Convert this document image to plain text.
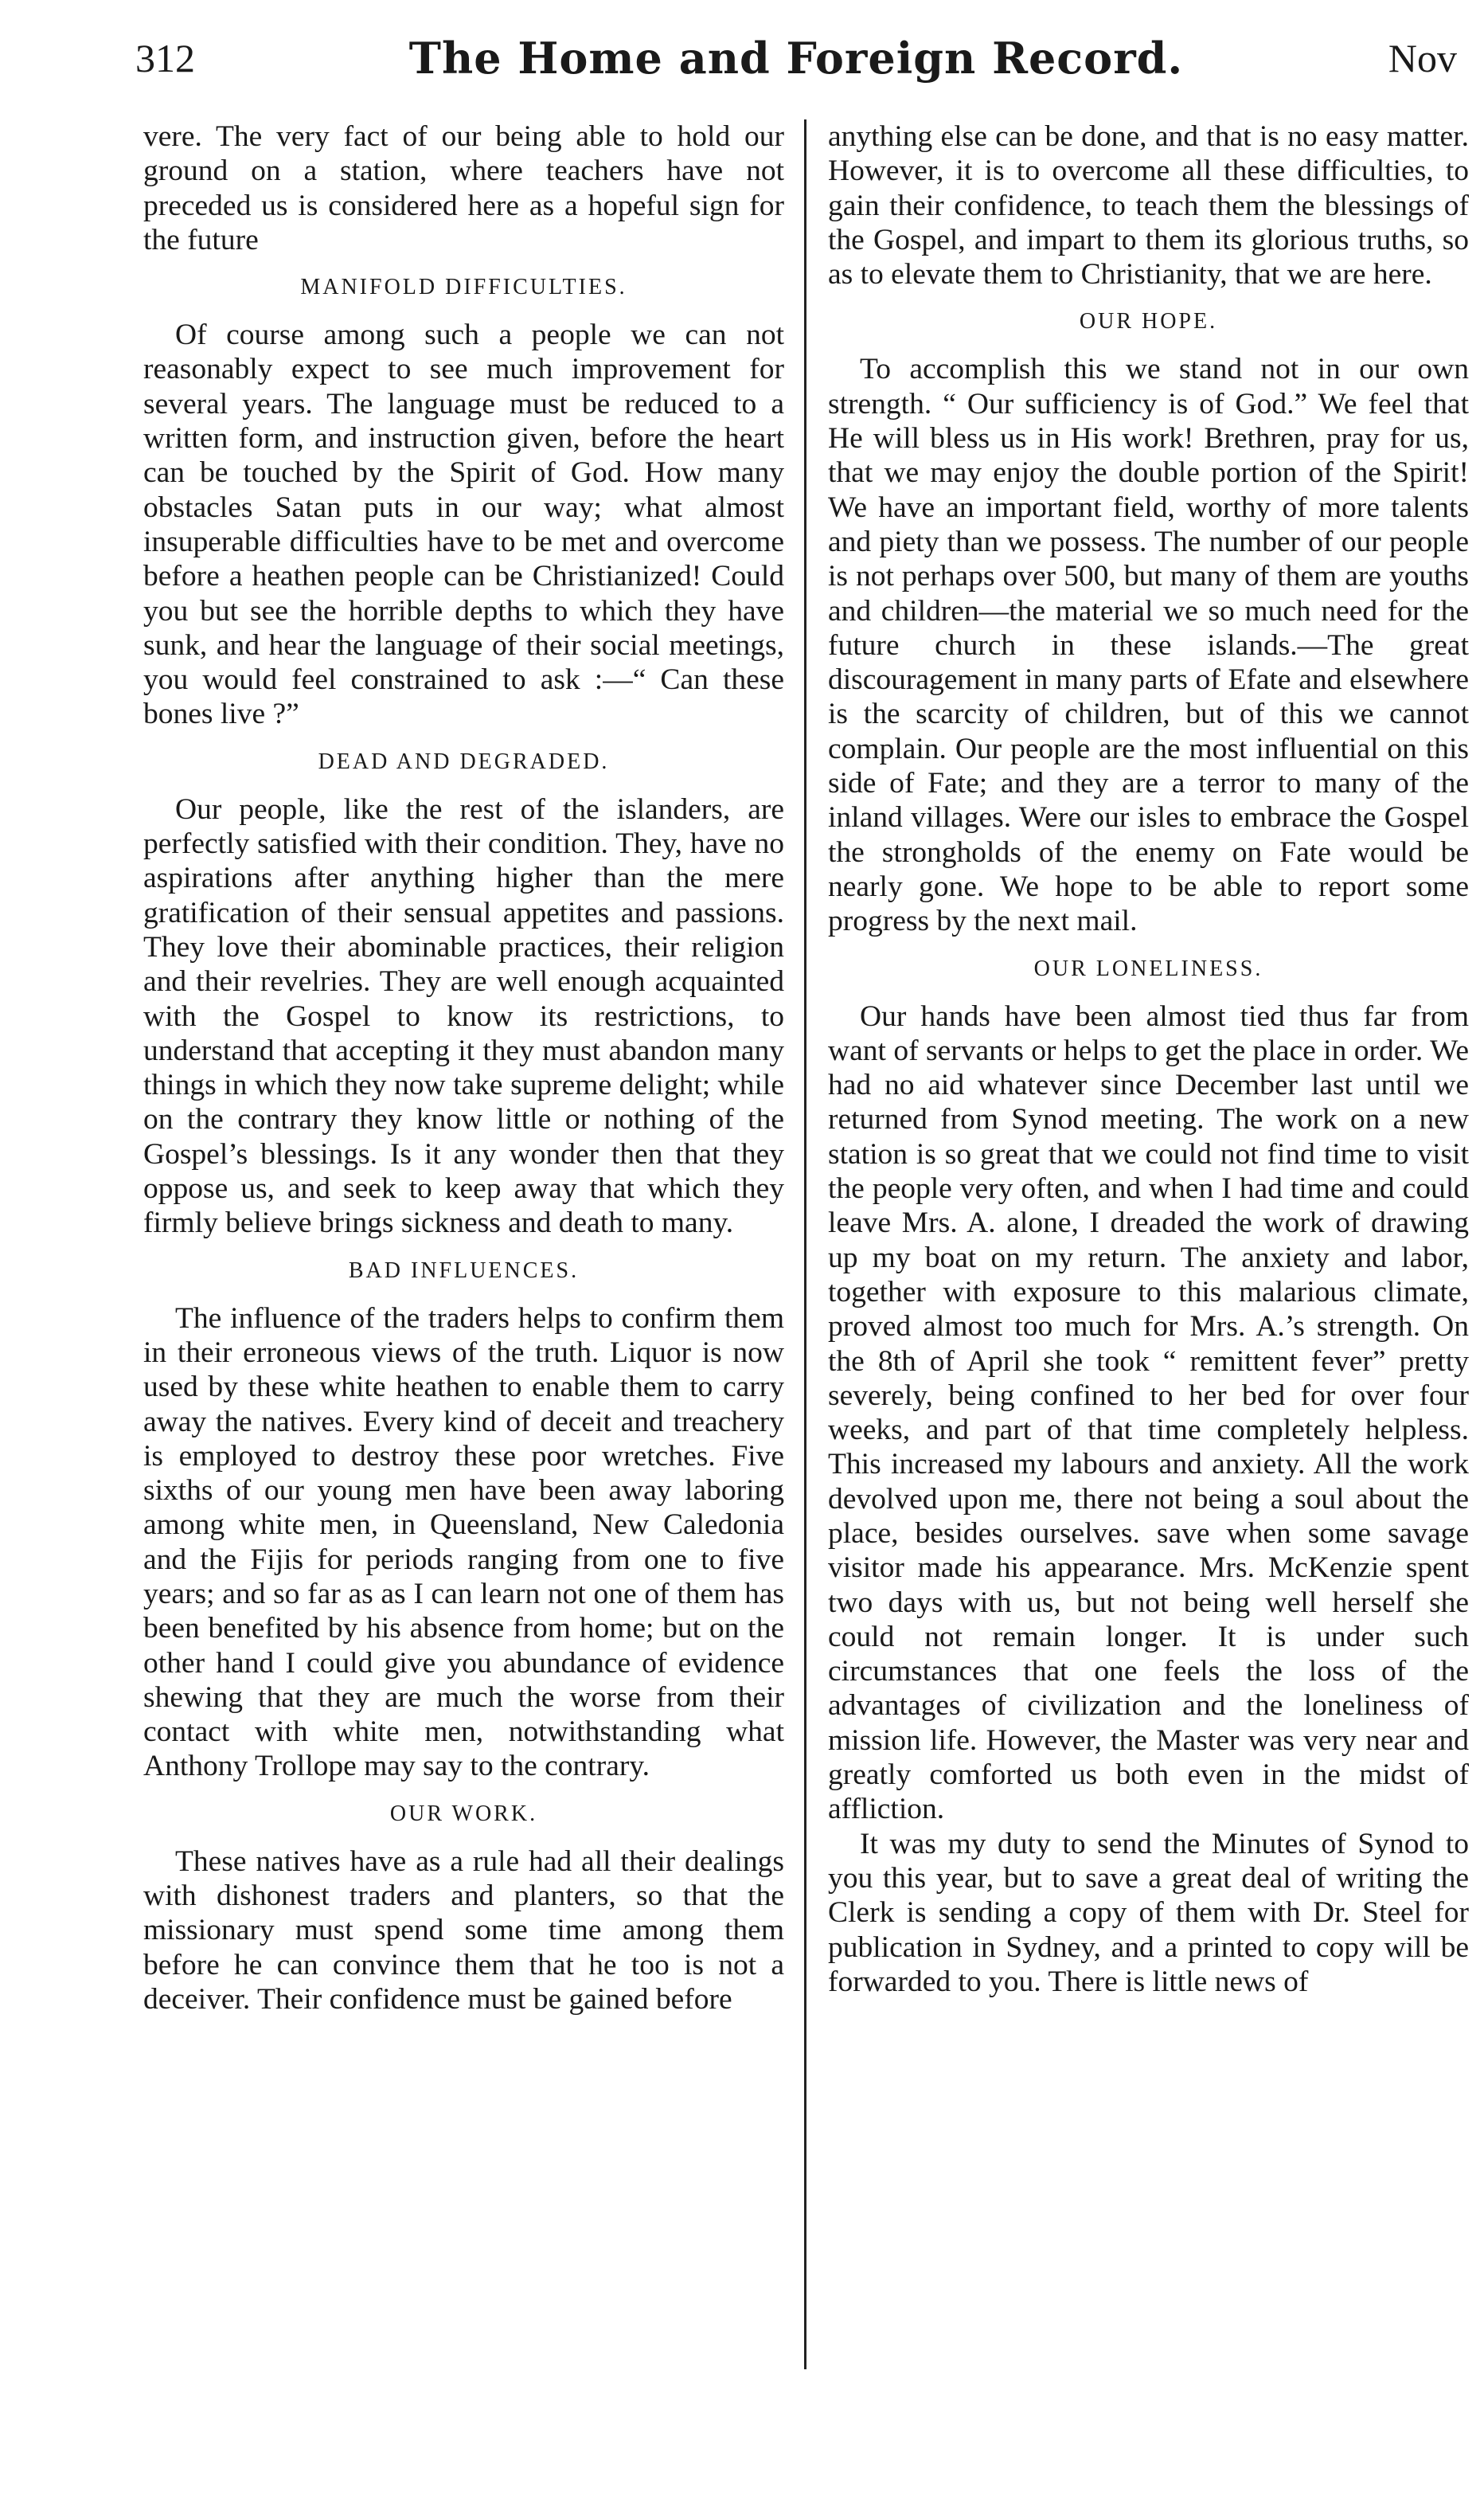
312	The Home and Foreign Record.	Nov

vere. The very fact of our being able to hold our ground on a station, where teachers have not preceded us is considered here as a hopeful sign for the future

MANIFOLD DIFFICULTIES.

Of course among such a people we can not reasonably expect to see much improvement for several years. The language must be reduced to a written form, and instruction given, before the heart can be touched by the Spirit of God. How many obstacles Satan puts in our way; what almost insuperable difficulties have to be met and overcome before a heathen people can be Christianized! Could you but see the horrible depths to which they have sunk, and hear the language of their social meetings, you would feel constrained to ask :—“ Can these bones live ?”

DEAD AND DEGRADED.

Our people, like the rest of the islanders, are perfectly satisfied with their condition. They, have no aspirations after anything higher than the mere gratification of their sensual appetites and passions. They love their abominable practices, their religion and their revelries. They are well enough acquainted with the Gospel to know its restrictions, to understand that accepting it they must abandon many things in which they now take supreme delight; while on the contrary they know little or nothing of the Gospel’s blessings. Is it any wonder then that they oppose us, and seek to keep away that which they firmly believe brings sickness and death to many.

BAD INFLUENCES.

The influence of the traders helps to confirm them in their erroneous views of the truth. Liquor is now used by these white heathen to enable them to carry away the natives. Every kind of deceit and treachery is employed to destroy these poor wretches. Five sixths of our young men have been away laboring among white men, in Queensland, New Caledonia and the Fijis for periods ranging from one to five years; and so far as as I can learn not one of them has been benefited by his absence from home; but on the other hand I could give you abundance of evidence shewing that they are much the worse from their contact with white men, notwithstanding what Anthony Trollope may say to the contrary.

OUR WORK.

These natives have as a rule had all their dealings with dishonest traders and planters, so that the missionary must spend some time among them before he can convince them that he too is not a deceiver. Their confidence must be gained before

anything else can be done, and that is no easy matter. However, it is to overcome all these difficulties, to gain their confidence, to teach them the blessings of the Gospel, and impart to them its glorious truths, so as to elevate them to Christianity, that we are here.

OUR HOPE.

To accomplish this we stand not in our own strength. “ Our sufficiency is of God.” We feel that He will bless us in His work! Brethren, pray for us, that we may enjoy the double portion of the Spirit! We have an important field, worthy of more talents and piety than we possess. The number of our people is not perhaps over 500, but many of them are youths and children—the material we so much need for the future church in these islands.—The great discouragement in many parts of Efate and elsewhere is the scarcity of children, but of this we cannot complain. Our people are the most influential on this side of Fate; and they are a terror to many of the inland villages. Were our isles to embrace the Gospel the strongholds of the enemy on Fate would be nearly gone. We hope to be able to report some progress by the next mail.

OUR LONELINESS.

Our hands have been almost tied thus far from want of servants or helps to get the place in order. We had no aid whatever since December last until we returned from Synod meeting. The work on a new station is so great that we could not find time to visit the people very often, and when I had time and could leave Mrs. A. alone, I dreaded the work of drawing up my boat on my return. The anxiety and labor, together with exposure to this malarious climate, proved almost too much for Mrs. A.’s strength. On the 8th of April she took “ remittent fever” pretty severely, being confined to her bed for over four weeks, and part of that time completely helpless. This increased my labours and anxiety. All the work devolved upon me, there not being a soul about the place, besides ourselves. save when some savage visitor made his appearance. Mrs. McKenzie spent two days with us, but not being well herself she could not remain longer. It is under such circumstances that one feels the loss of the advantages of civilization and the loneliness of mission life. However, the Master was very near and greatly comforted us both even in the midst of affliction.

It was my duty to send the Minutes of Synod to you this year, but to save a great deal of writing the Clerk is sending a copy of them with Dr. Steel for publication in Sydney, and a printed to copy will be forwarded to you. There is little news of
